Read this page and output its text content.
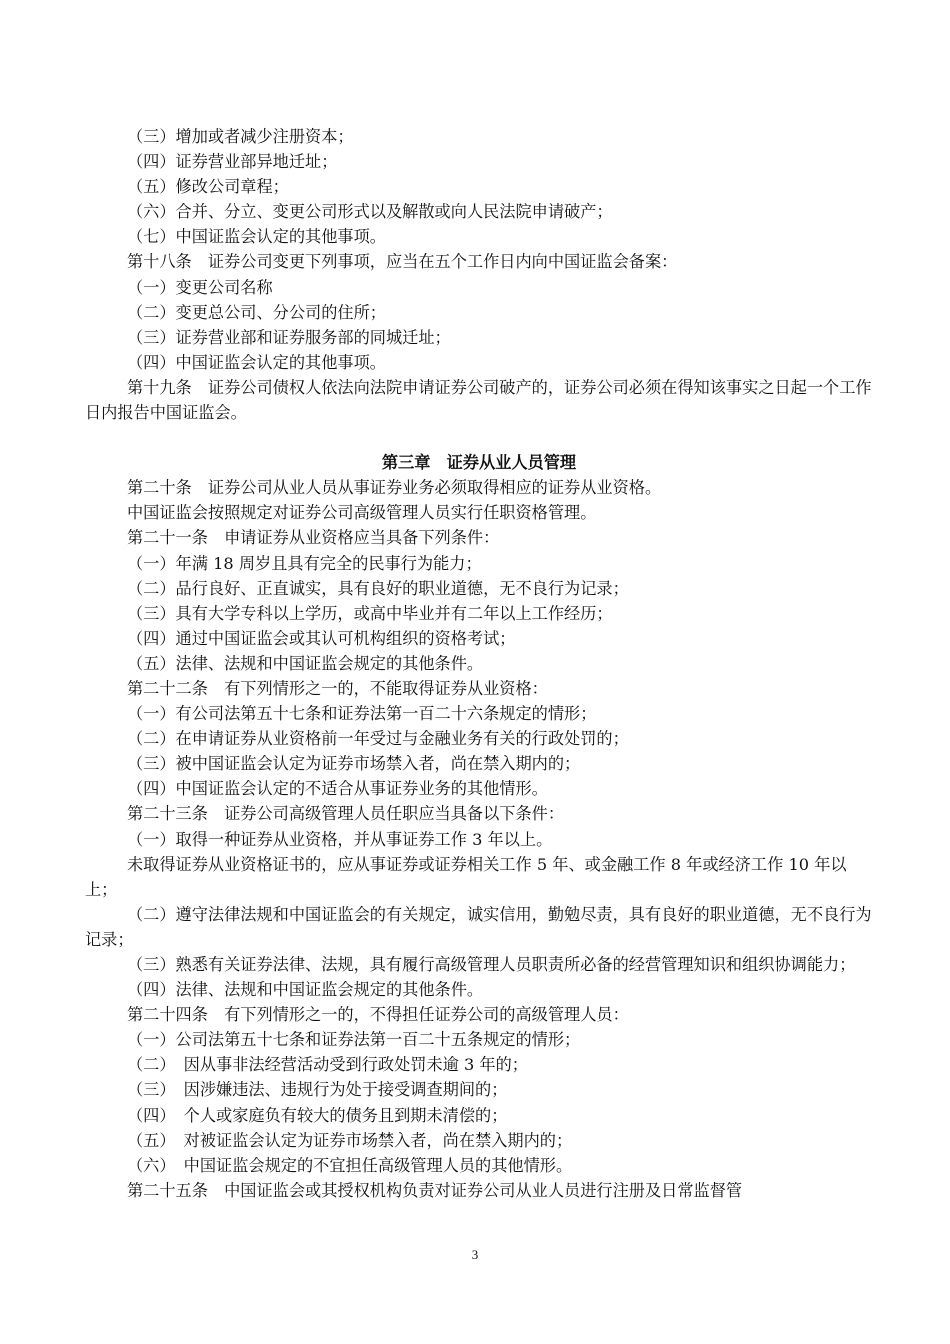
（三）增加或者减少注册资本；

（四）证券营业部异地迁址；

（五）修改公司章程；

（六）合并、分立、变更公司形式以及解散或向人民法院申请破产；

（七）中国证监会认定的其他事项。

第十八条　证券公司变更下列事项，应当在五个工作日内向中国证监会备案：

（一）变更公司名称

（二）变更总公司、分公司的住所；

（三）证券营业部和证券服务部的同城迁址；

（四）中国证监会认定的其他事项。

第十九条　证券公司债权人依法向法院申请证券公司破产的，证券公司必须在得知该事实之日起一个工作日内报告中国证监会。

第三章　证券从业人员管理

第二十条　证券公司从业人员从事证券业务必须取得相应的证券从业资格。

中国证监会按照规定对证券公司高级管理人员实行任职资格管理。

第二十一条　申请证券从业资格应当具备下列条件：

（一）年满 18 周岁且具有完全的民事行为能力；

（二）品行良好、正直诚实，具有良好的职业道德，无不良行为记录；

（三）具有大学专科以上学历，或高中毕业并有二年以上工作经历；

（四）通过中国证监会或其认可机构组织的资格考试；

（五）法律、法规和中国证监会规定的其他条件。

第二十二条　有下列情形之一的，不能取得证券从业资格：

（一）有公司法第五十七条和证券法第一百二十六条规定的情形；

（二）在申请证券从业资格前一年受过与金融业务有关的行政处罚的；

（三）被中国证监会认定为证券市场禁入者，尚在禁入期内的；

（四）中国证监会认定的不适合从事证券业务的其他情形。

第二十三条　证券公司高级管理人员任职应当具备以下条件：

（一）取得一种证券从业资格，并从事证券工作 3 年以上。

未取得证券从业资格证书的，应从事证券或证券相关工作 5 年、或金融工作 8 年或经济工作 10 年以上；

（二）遵守法律法规和中国证监会的有关规定，诚实信用，勤勉尽责，具有良好的职业道德，无不良行为记录；

（三）熟悉有关证券法律、法规，具有履行高级管理人员职责所必备的经营管理知识和组织协调能力；

（四）法律、法规和中国证监会规定的其他条件。

第二十四条　有下列情形之一的，不得担任证券公司的高级管理人员：

（一）公司法第五十七条和证券法第一百二十五条规定的情形；

（二）　因从事非法经营活动受到行政处罚未逾 3 年的；

（三）　因涉嫌违法、违规行为处于接受调查期间的；

（四）　个人或家庭负有较大的债务且到期未清偿的；

（五）　对被证监会认定为证券市场禁入者，尚在禁入期内的；

（六）　中国证监会规定的不宜担任高级管理人员的其他情形。

第二十五条　中国证监会或其授权机构负责对证券公司从业人员进行注册及日常监督管

3
